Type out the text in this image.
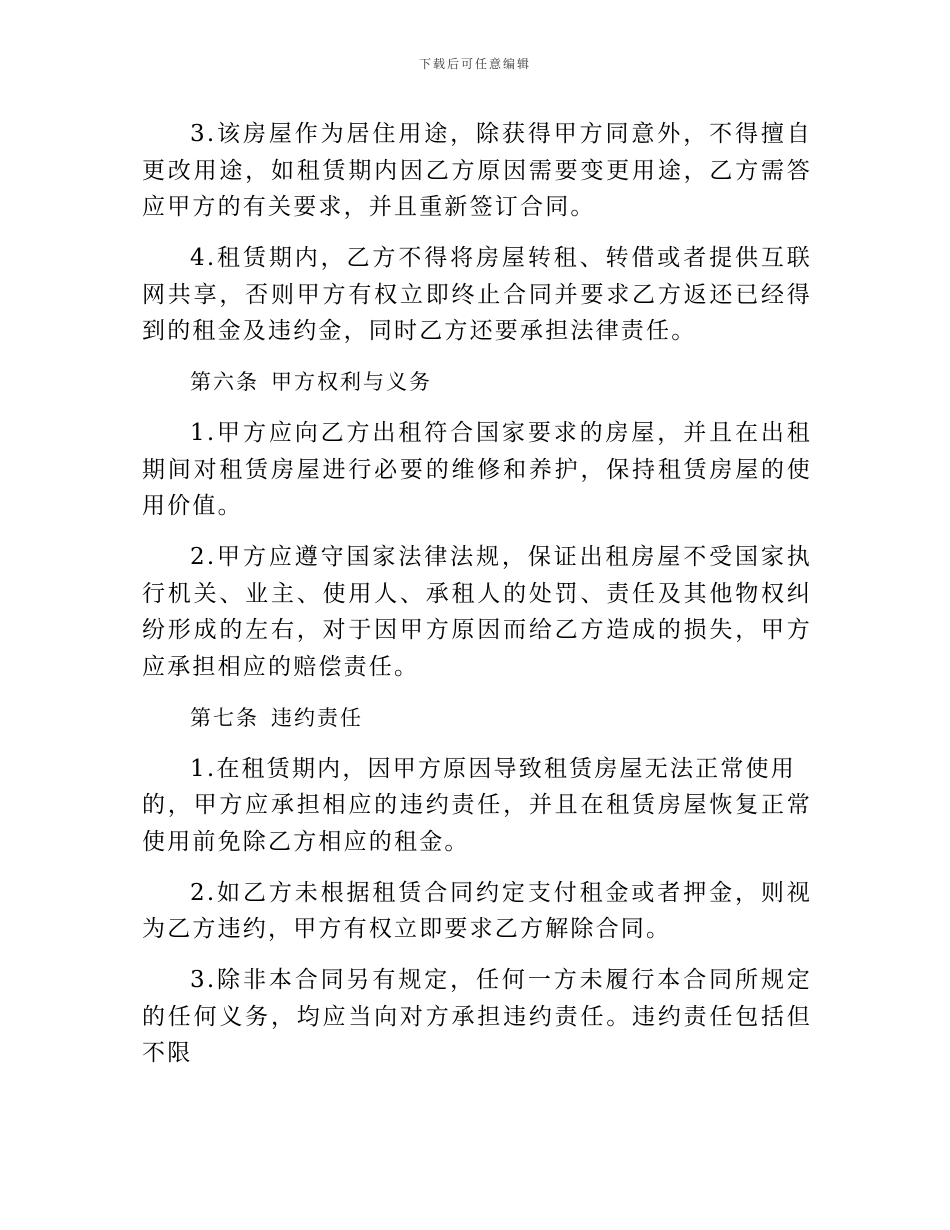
下载后可任意编辑

3.该房屋作为居住用途，除获得甲方同意外，不得擅自更改用途，如租赁期内因乙方原因需要变更用途，乙方需答应甲方的有关要求，并且重新签订合同。

4.租赁期内，乙方不得将房屋转租、转借或者提供互联网共享，否则甲方有权立即终止合同并要求乙方返还已经得到的租金及违约金，同时乙方还要承担法律责任。

第六条 甲方权利与义务

1.甲方应向乙方出租符合国家要求的房屋，并且在出租期间对租赁房屋进行必要的维修和养护，保持租赁房屋的使用价值。

2.甲方应遵守国家法律法规，保证出租房屋不受国家执行机关、业主、使用人、承租人的处罚、责任及其他物权纠纷形成的左右，对于因甲方原因而给乙方造成的损失，甲方应承担相应的赔偿责任。

第七条 违约责任

1.在租赁期内，因甲方原因导致租赁房屋无法正常使用
的，甲方应承担相应的违约责任，并且在租赁房屋恢复正常使用前免除乙方相应的租金。

2.如乙方未根据租赁合同约定支付租金或者押金，则视为乙方违约，甲方有权立即要求乙方解除合同。

3.除非本合同另有规定，任何一方未履行本合同所规定的任何义务，均应当向对方承担违约责任。违约责任包括但不限
